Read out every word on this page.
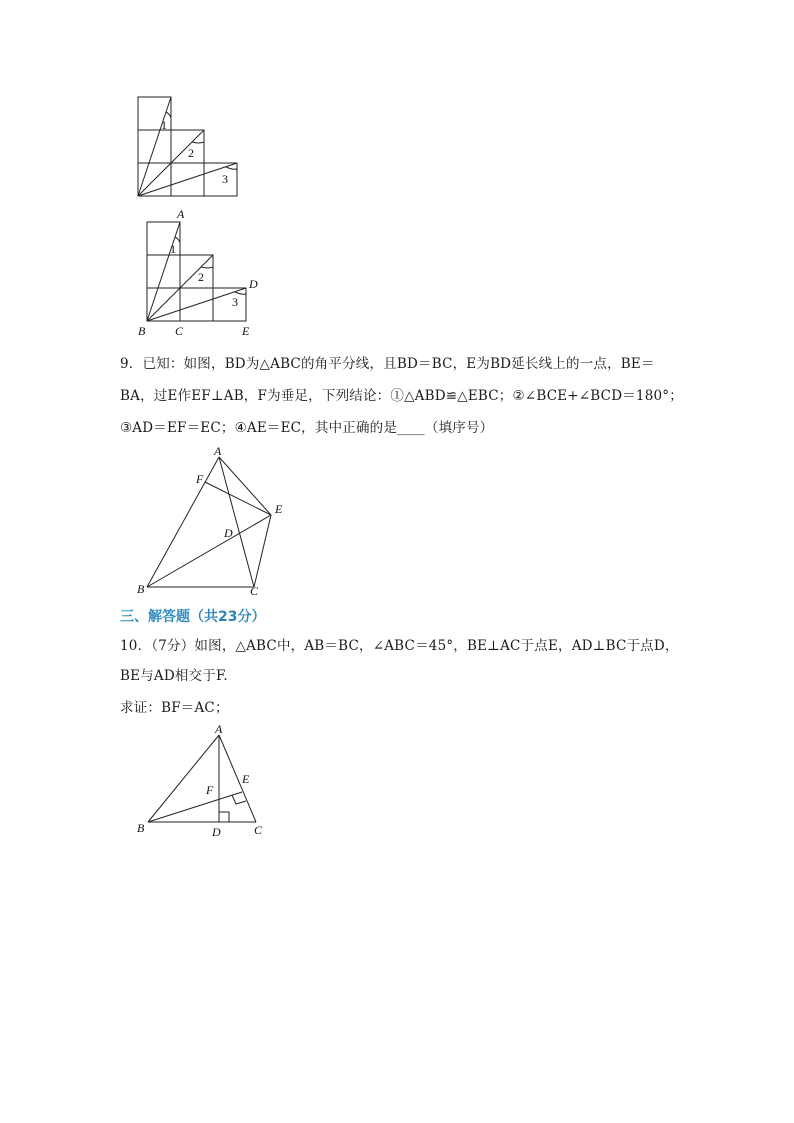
1
2
3
A
1
2	D
3
B C	E
9．已知：如图，BD为△ABC的角平分线，且BD＝BC，E为BD延长线上的一点，BE＝
BA，过E作EF⊥AB，F为垂足，下列结论：①△ABD≌△EBC；②∠BCE+∠BCD＝180°；
③AD＝EF＝EC；④AE＝EC，其中正确的是____（填序号）
A
F
E
D
B	C
三、解答题（共23分）
10．（7分）如图，△ABC中，AB＝BC，∠ABC＝45°，BE⊥AC于点E，AD⊥BC于点D，
BE与AD相交于F.
求证：BF＝AC；
A
E
F
B	D	C
